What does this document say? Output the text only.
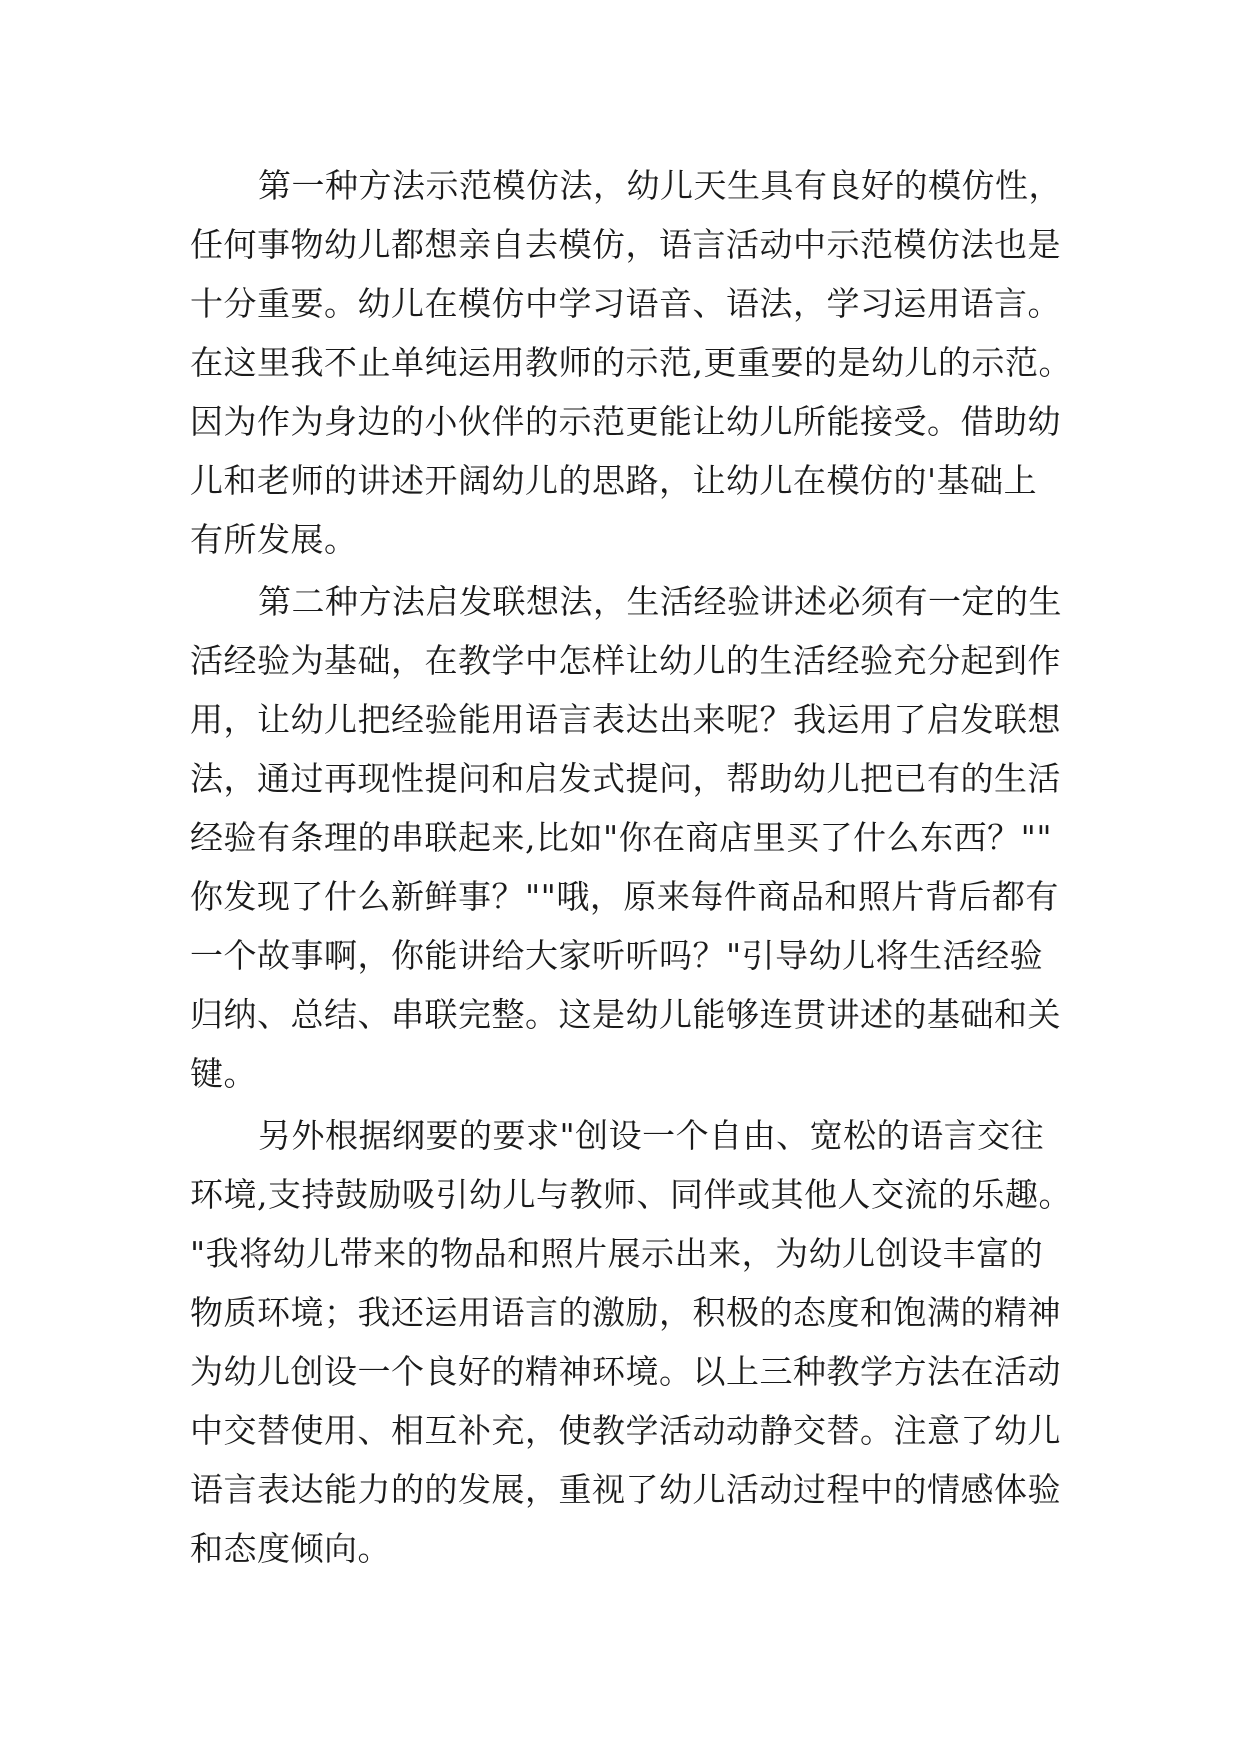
第一种方法示范模仿法，幼儿天生具有良好的模仿性，
任何事物幼儿都想亲自去模仿，语言活动中示范模仿法也是
十分重要。幼儿在模仿中学习语音、语法，学习运用语言。
在这里我不止单纯运用教师的示范,更重要的是幼儿的示范。
因为作为身边的小伙伴的示范更能让幼儿所能接受。借助幼
儿和老师的讲述开阔幼儿的思路，让幼儿在模仿的'基础上
有所发展。

第二种方法启发联想法，生活经验讲述必须有一定的生
活经验为基础，在教学中怎样让幼儿的生活经验充分起到作
用，让幼儿把经验能用语言表达出来呢？我运用了启发联想
法，通过再现性提问和启发式提问，帮助幼儿把已有的生活
经验有条理的串联起来,比如"你在商店里买了什么东西？""
你发现了什么新鲜事？""哦，原来每件商品和照片背后都有
一个故事啊，你能讲给大家听听吗？"引导幼儿将生活经验
归纳、总结、串联完整。这是幼儿能够连贯讲述的基础和关
键。

另外根据纲要的要求"创设一个自由、宽松的语言交往
环境,支持鼓励吸引幼儿与教师、同伴或其他人交流的乐趣。
"我将幼儿带来的物品和照片展示出来，为幼儿创设丰富的
物质环境；我还运用语言的激励，积极的态度和饱满的精神
为幼儿创设一个良好的精神环境。以上三种教学方法在活动
中交替使用、相互补充，使教学活动动静交替。注意了幼儿
语言表达能力的的发展，重视了幼儿活动过程中的情感体验
和态度倾向。
